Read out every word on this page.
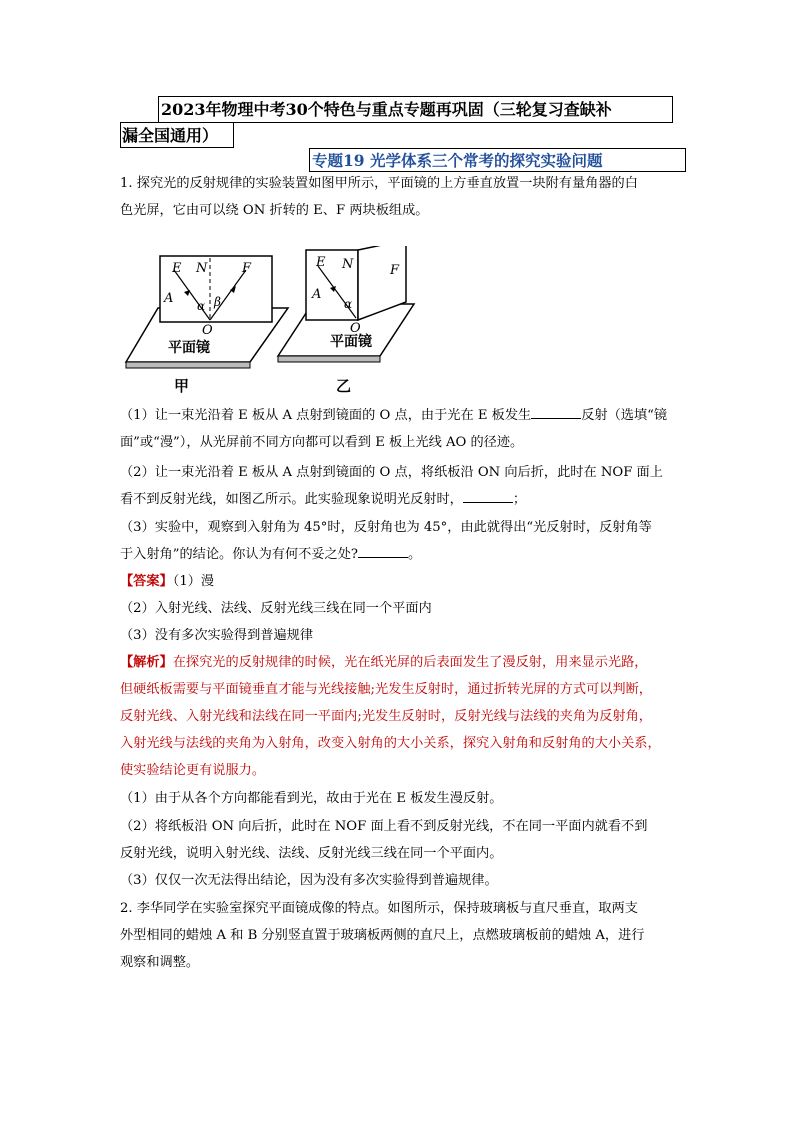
2023年物理中考30个特色与重点专题再巩固（三轮复习查缺补
漏全国通用）
专题19 光学体系三个常考的探究实验问题
1. 探究光的反射规律的实验装置如图甲所示，平面镜的上方垂直放置一块附有量角器的白
色光屏，它由可以绕 ON 折转的 E、F 两块板组成。
E N	F
A α β
O
平面镜
E N	F
A
α
O
平面镜
甲	乙
（1）让一束光沿着 E 板从 A 点射到镜面的 O 点，由于光在 E 板发生	反射（选填“镜
面”或“漫”），从光屏前不同方向都可以看到 E 板上光线 AO 的径迹。
（2）让一束光沿着 E 板从 A 点射到镜面的 O 点，将纸板沿 ON 向后折，此时在 NOF 面上
看不到反射光线，如图乙所示。此实验现象说明光反射时，	；
（3）实验中，观察到入射角为 45°时，反射角也为 45°，由此就得出“光反射时，反射角等
于入射角”的结论。你认为有何不妥之处?	。
【答案】（1）漫
（2）入射光线、法线、反射光线三线在同一个平面内
（3）没有多次实验得到普遍规律
【解析】在探究光的反射规律的时候，光在纸光屏的后表面发生了漫反射，用来显示光路，
但硬纸板需要与平面镜垂直才能与光线接触;光发生反射时，通过折转光屏的方式可以判断，
反射光线、入射光线和法线在同一平面内;光发生反射时，反射光线与法线的夹角为反射角，
入射光线与法线的夹角为入射角，改变入射角的大小关系，探究入射角和反射角的大小关系，
使实验结论更有说服力。
（1）由于从各个方向都能看到光，故由于光在 E 板发生漫反射。
（2）将纸板沿 ON 向后折，此时在 NOF 面上看不到反射光线，不在同一平面内就看不到
反射光线，说明入射光线、法线、反射光线三线在同一个平面内。
（3）仅仅一次无法得出结论，因为没有多次实验得到普遍规律。
2. 李华同学在实验室探究平面镜成像的特点。如图所示，保持玻璃板与直尺垂直，取两支
外型相同的蜡烛 A 和 B 分别竖直置于玻璃板两侧的直尺上，点燃玻璃板前的蜡烛 A，进行
观察和调整。
